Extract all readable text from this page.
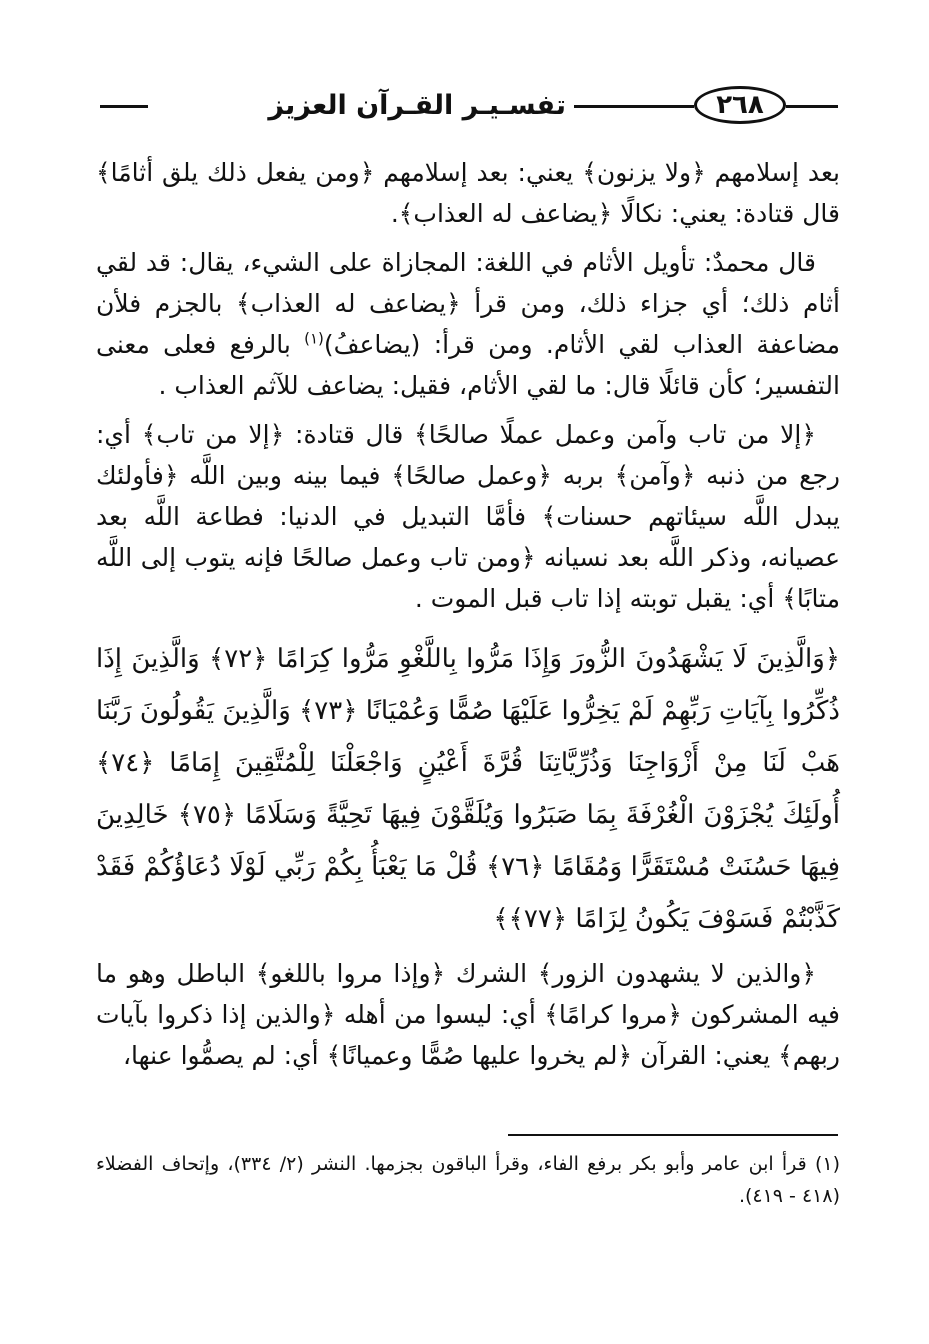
٢٦٨
تفسـيـر القـرآن العزيز

بعد إسلامهم ﴿ولا يزنون﴾ يعني: بعد إسلامهم ﴿ومن يفعل ذلك يلق أثامًا﴾ قال قتادة: يعني: نكالًا ﴿يضاعف له العذاب﴾.

قال محمدٌ: تأويل الأثام في اللغة: المجازاة على الشيء، يقال: قد لقي أثام ذلك؛ أي جزاء ذلك، ومن قرأ ﴿يضاعف له العذاب﴾ بالجزم فلأن مضاعفة العذاب لقي الأثام. ومن قرأ: (يضاعفُ)$^{(١)}$ بالرفع فعلى معنى التفسير؛ كأن قائلًا قال: ما لقي الأثام، فقيل: يضاعف للآثم العذاب .

﴿إلا من تاب وآمن وعمل عملًا صالحًا﴾ قال قتادة: ﴿إلا من تاب﴾ أي: رجع من ذنبه ﴿وآمن﴾ بربه ﴿وعمل صالحًا﴾ فيما بينه وبين اللَّه ﴿فأولئك يبدل اللَّه سيئاتهم حسنات﴾ فأمَّا التبديل في الدنيا: فطاعة اللَّه بعد عصيانه، وذكر اللَّه بعد نسيانه ﴿ومن تاب وعمل صالحًا فإنه يتوب إلى اللَّه متابًا﴾ أي: يقبل توبته إذا تاب قبل الموت .

﴿وَالَّذِينَ لَا يَشْهَدُونَ الزُّورَ وَإِذَا مَرُّوا بِاللَّغْوِ مَرُّوا كِرَامًا ﴿٧٢﴾ وَالَّذِينَ إِذَا ذُكِّرُوا بِآيَاتِ رَبِّهِمْ لَمْ يَخِرُّوا عَلَيْهَا صُمًّا وَعُمْيَانًا ﴿٧٣﴾ وَالَّذِينَ يَقُولُونَ رَبَّنَا هَبْ لَنَا مِنْ أَزْوَاجِنَا وَذُرِّيَّاتِنَا قُرَّةَ أَعْيُنٍ وَاجْعَلْنَا لِلْمُتَّقِينَ إِمَامًا ﴿٧٤﴾ أُولَئِكَ يُجْزَوْنَ الْغُرْفَةَ بِمَا صَبَرُوا وَيُلَقَّوْنَ فِيهَا تَحِيَّةً وَسَلَامًا ﴿٧٥﴾ خَالِدِينَ فِيهَا حَسُنَتْ مُسْتَقَرًّا وَمُقَامًا ﴿٧٦﴾ قُلْ مَا يَعْبَأُ بِكُمْ رَبِّي لَوْلَا دُعَاؤُكُمْ فَقَدْ كَذَّبْتُمْ فَسَوْفَ يَكُونُ لِزَامًا ﴿٧٧﴾﴾

﴿والذين لا يشهدون الزور﴾ الشرك ﴿وإذا مروا باللغو﴾ الباطل وهو ما فيه المشركون ﴿مروا كرامًا﴾ أي: ليسوا من أهله ﴿والذين إذا ذكروا بآيات ربهم﴾ يعني: القرآن ﴿لم يخروا عليها صُمًّا وعميانًا﴾ أي: لم يصمُّوا عنها،

(١) قرأ ابن عامر وأبو بكر برفع الفاء، وقرأ الباقون بجزمها. النشر (٢/ ٣٣٤)، وإتحاف الفضلاء (٤١٨ - ٤١٩).
